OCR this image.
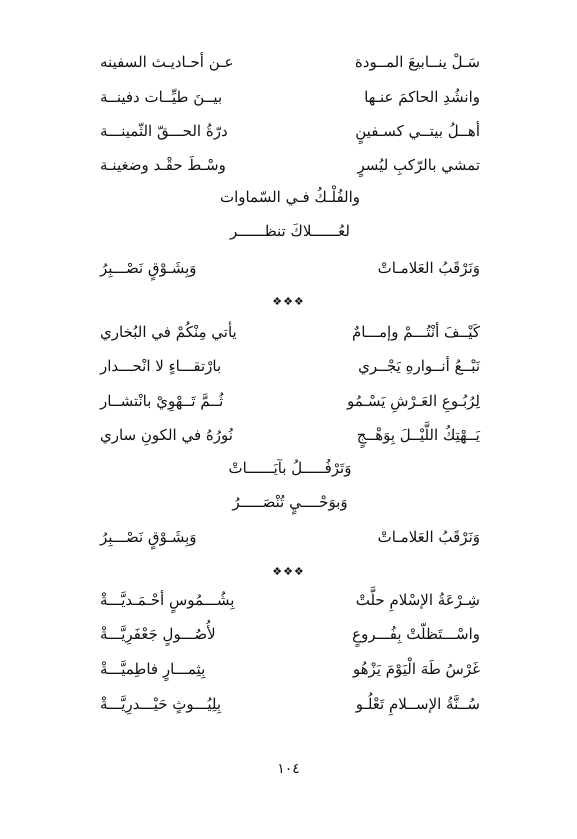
سَـلْ ينــابيعَ المــودة
عـن أحـاديـث السفينه
وانشُدِ الحاكمَ عنـها
بيــنَ طيِّــات دفينــة
أهــلُ بيتــي كسـفينٍ
درّةُ الحـــقّ الثّمينـــة
تمشي بالرّكبِ ليُسرٍ
وسْـطَ حقْـد وضغينـة
والفُلْـكُ فـي السّماوات
لعُــــــلاكَ تنظــــــر
وَنَرْقَبُ العَلامـاتْ
وَبِشَـوْقٍ نَصْـــبِرُ
❖❖❖
كَيْــفَ أنْتُـــمْ وإمـــامٌ
يأتي مِنْكُمْ في البُخاري
نَبْــعُ أنــوارهِ يَجْــري
بارْتقـــاءٍ لا انْحـــدار
لِرُبُـوعِ العَـرْشِ يَسْـمُو
ثُــمَّ تَــهْوِيْ بانْتشــار
يَــهْتِكُ اللَّيْــلَ بِوَهْــجٍ
نُورُهُ في الكونِ ساري
وَتَرْفُـــــلُ بآيَــــــاتْ
وَبوَحْــــيٍ تُنْصَـــــرُ
وَنَرْقَبُ العَلامـاتْ
وَبِشَـوْقٍ نَصْـــبِرُ
❖❖❖
شِـرْعَةُ الإسْلامِ حلَّتْ
بِشُـــمُوسٍ أحْـمَـديَّـــةْ
واسْـــتَظلّتْ بِفُـــروعٍ
لأُصُـــولٍ جَعْفَرِيَّـــةْ
غَرْسُ طَهَ الْيَوْمَ يَزْهُو
بِثِمـــارٍ فاطِميَّـــةْ
سُــنَّةُ الإســلامِ تَعْلُـو
بِلِيُـــوثٍ حَيْـــدرِيَّـــةْ
١٠٤
